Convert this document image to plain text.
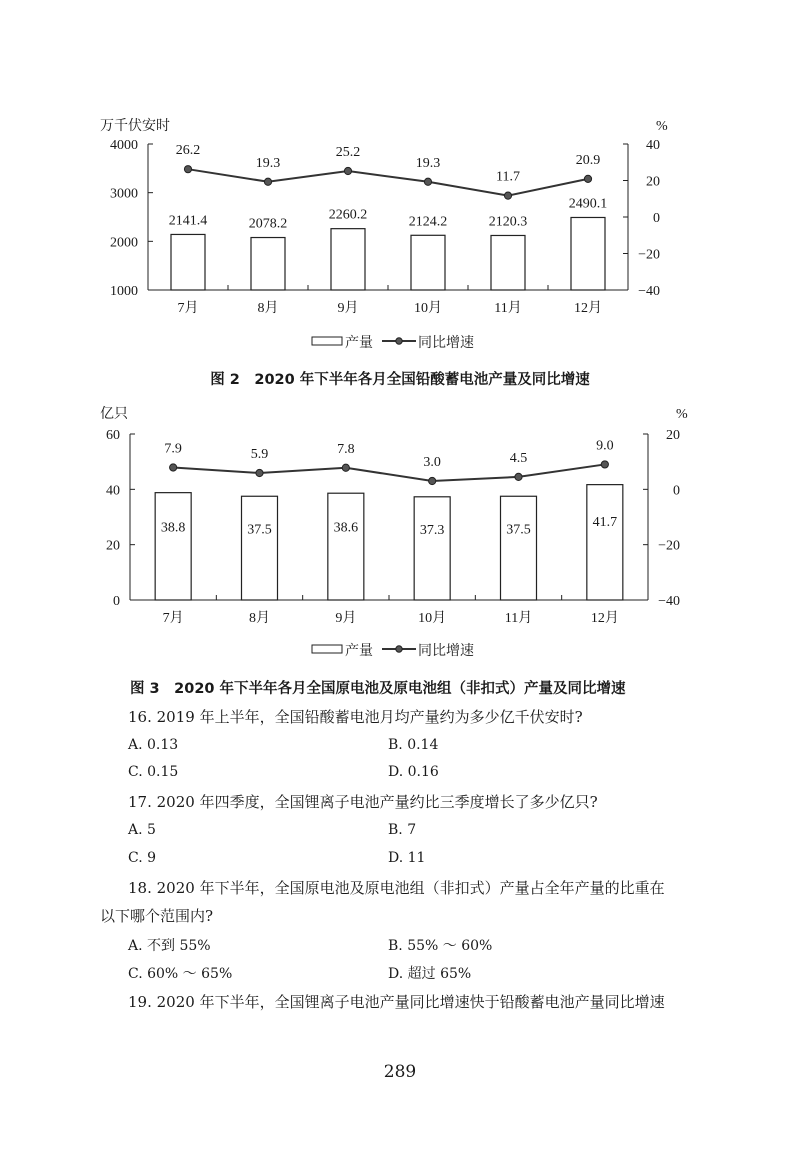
万千伏安时	%
4000
3000
2000
1000
40
20
0
−20
−40
2141.4	2078.2
2260.2	2124.2	2120.3
2490.1
26.2
19.3
25.2
19.3
11.7
20.9
7月	8月	9月	10月	11月	12月
产量	同比增速
图 2　2020 年下半年各月全国铅酸蓄电池产量及同比增速
亿只	%
60
40
20
0
20
0
−20
−40
38.8	37.5	38.6	37.3	37.5	41.7
7.9	5.9	7.8
3.0	4.5
9.0
7月	8月	9月	10月	11月	12月
产量	同比增速
图 3　2020 年下半年各月全国原电池及原电池组（非扣式）产量及同比增速
16. 2019 年上半年，全国铅酸蓄电池月均产量约为多少亿千伏安时?
A. 0.13	B. 0.14
C. 0.15	D. 0.16
17. 2020 年四季度，全国锂离子电池产量约比三季度增长了多少亿只?
A. 5	B. 7
C. 9	D. 11
18. 2020 年下半年，全国原电池及原电池组（非扣式）产量占全年产量的比重在
以下哪个范围内?
A. 不到 55%	B. 55% ～ 60%
C. 60% ～ 65%	D. 超过 65%
19. 2020 年下半年，全国锂离子电池产量同比增速快于铅酸蓄电池产量同比增速
289
